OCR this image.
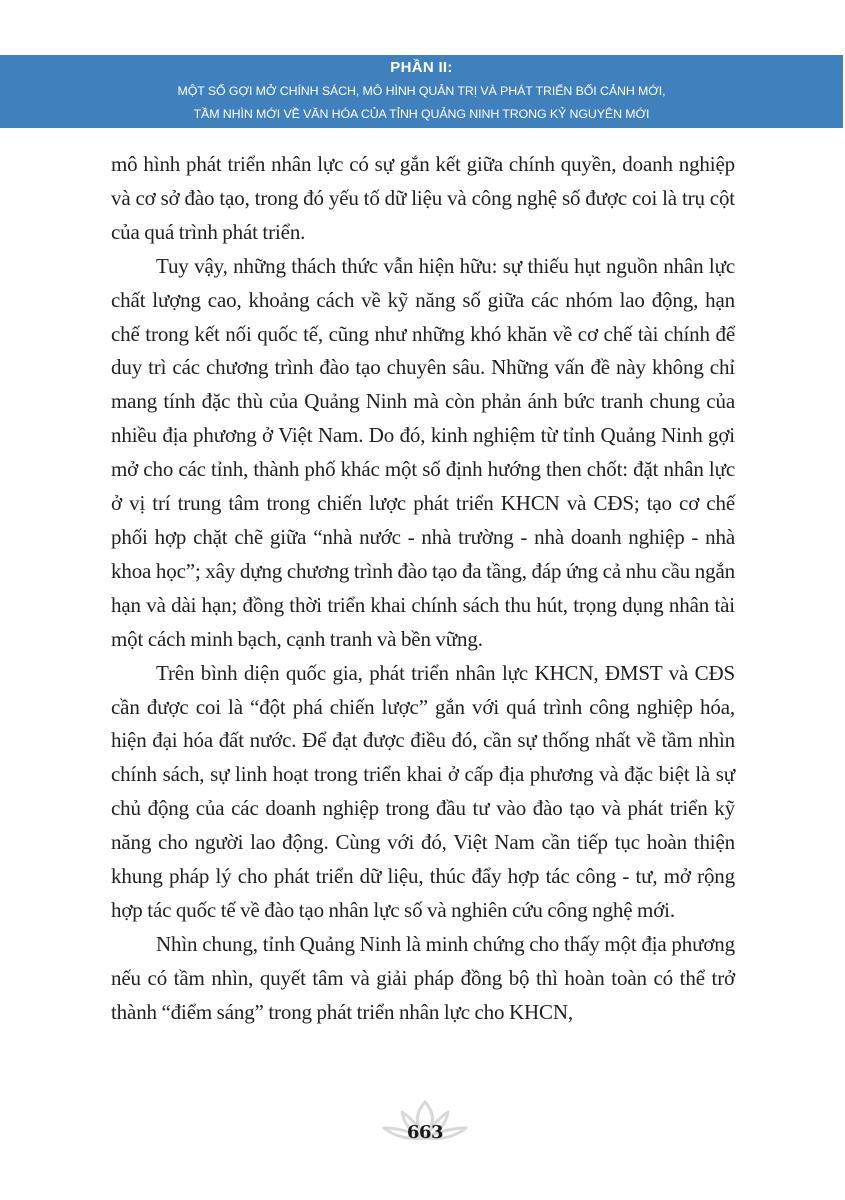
PHẦN II:
MỘT SỐ GỢI MỞ CHÍNH SÁCH, MÔ HÌNH QUẢN TRỊ VÀ PHÁT TRIỂN BỐI CẢNH MỚI,
TẦM NHÌN MỚI VỀ VĂN HÓA CỦA TỈNH QUẢNG NINH TRONG KỶ NGUYÊN MỚI

mô hình phát triển nhân lực có sự gắn kết giữa chính quyền, doanh nghiệp và cơ sở đào tạo, trong đó yếu tố dữ liệu và công nghệ số được coi là trụ cột của quá trình phát triển.

Tuy vậy, những thách thức vẫn hiện hữu: sự thiếu hụt nguồn nhân lực chất lượng cao, khoảng cách về kỹ năng số giữa các nhóm lao động, hạn chế trong kết nối quốc tế, cũng như những khó khăn về cơ chế tài chính để duy trì các chương trình đào tạo chuyên sâu. Những vấn đề này không chỉ mang tính đặc thù của Quảng Ninh mà còn phản ánh bức tranh chung của nhiều địa phương ở Việt Nam. Do đó, kinh nghiệm từ tỉnh Quảng Ninh gợi mở cho các tỉnh, thành phố khác một số định hướng then chốt: đặt nhân lực ở vị trí trung tâm trong chiến lược phát triển KHCN và CĐS; tạo cơ chế phối hợp chặt chẽ giữa “nhà nước - nhà trường - nhà doanh nghiệp - nhà khoa học”; xây dựng chương trình đào tạo đa tầng, đáp ứng cả nhu cầu ngắn hạn và dài hạn; đồng thời triển khai chính sách thu hút, trọng dụng nhân tài một cách minh bạch, cạnh tranh và bền vững.

Trên bình diện quốc gia, phát triển nhân lực KHCN, ĐMST và CĐS cần được coi là “đột phá chiến lược” gắn với quá trình công nghiệp hóa, hiện đại hóa đất nước. Để đạt được điều đó, cần sự thống nhất về tầm nhìn chính sách, sự linh hoạt trong triển khai ở cấp địa phương và đặc biệt là sự chủ động của các doanh nghiệp trong đầu tư vào đào tạo và phát triển kỹ năng cho người lao động. Cùng với đó, Việt Nam cần tiếp tục hoàn thiện khung pháp lý cho phát triển dữ liệu, thúc đẩy hợp tác công - tư, mở rộng hợp tác quốc tế về đào tạo nhân lực số và nghiên cứu công nghệ mới.

Nhìn chung, tỉnh Quảng Ninh là minh chứng cho thấy một địa phương nếu có tầm nhìn, quyết tâm và giải pháp đồng bộ thì hoàn toàn có thể trở thành “điểm sáng” trong phát triển nhân lực cho KHCN,

663
